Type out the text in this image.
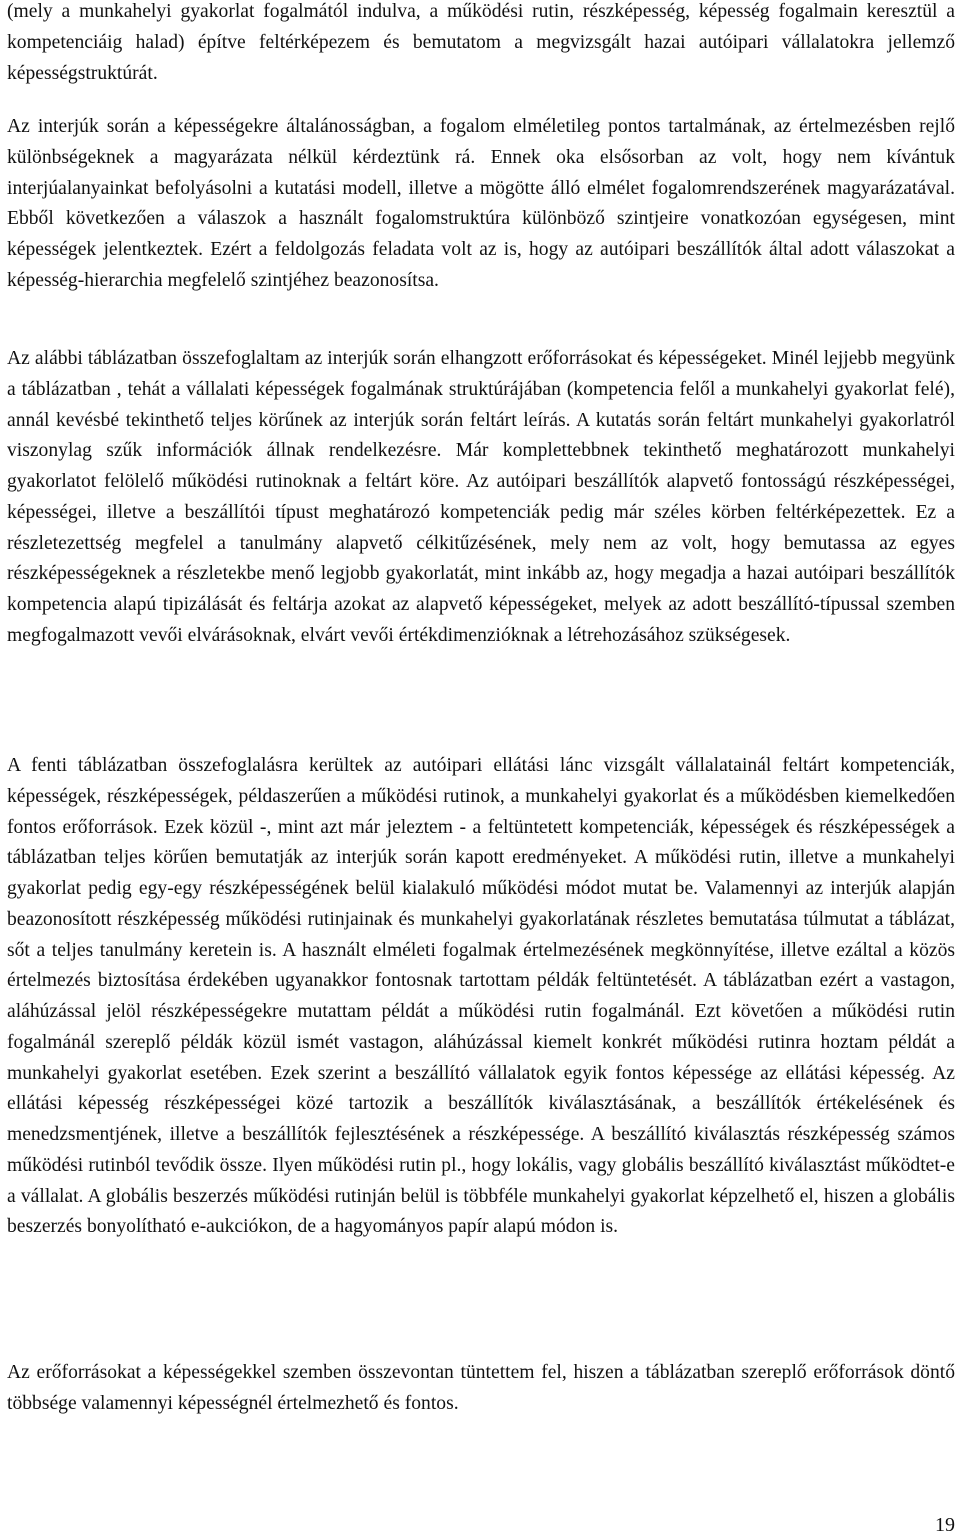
(mely a munkahelyi gyakorlat fogalmától indulva, a működési rutin, részképesség, képesség fogalmain keresztül a kompetenciáig halad) építve feltérképezem és bemutatom a megvizsgált hazai autóipari vállalatokra jellemző képességstruktúrát.

Az interjúk során a képességekre általánosságban, a fogalom elméletileg pontos tartalmának, az értelmezésben rejlő különbségeknek a magyarázata nélkül kérdeztünk rá. Ennek oka elsősorban az volt, hogy nem kívántuk interjúalanyainkat befolyásolni a kutatási modell, illetve a mögötte álló elmélet fogalomrendszerének magyarázatával. Ebből következően a válaszok a használt fogalomstruktúra különböző szintjeire vonatkozóan egységesen, mint képességek jelentkeztek. Ezért a feldolgozás feladata volt az is, hogy az autóipari beszállítók által adott válaszokat a képesség-hierarchia megfelelő szintjéhez beazonosítsa.

Az alábbi táblázatban összefoglaltam az interjúk során elhangzott erőforrásokat és képességeket. Minél lejjebb megyünk a táblázatban , tehát a vállalati képességek fogalmának struktúrájában (kompetencia felől a munkahelyi gyakorlat felé), annál kevésbé tekinthető teljes körűnek az interjúk során feltárt leírás. A kutatás során feltárt munkahelyi gyakorlatról viszonylag szűk információk állnak rendelkezésre. Már komplettebbnek tekinthető meghatározott munkahelyi gyakorlatot felölelő működési rutinoknak a feltárt köre. Az autóipari beszállítók alapvető fontosságú részképességei, képességei, illetve a beszállítói típust meghatározó kompetenciák pedig már széles körben feltérképezettek. Ez a részletezettség megfelel a tanulmány alapvető célkitűzésének, mely nem az volt, hogy bemutassa az egyes részképességeknek a részletekbe menő legjobb gyakorlatát, mint inkább az, hogy megadja a hazai autóipari beszállítók kompetencia alapú tipizálását és feltárja azokat az alapvető képességeket, melyek az adott beszállító-típussal szemben megfogalmazott vevői elvárásoknak, elvárt vevői értékdimenzióknak a létrehozásához szükségesek.

A fenti táblázatban összefoglalásra kerültek az autóipari ellátási lánc vizsgált vállalatainál feltárt kompetenciák, képességek, részképességek, példaszerűen a működési rutinok, a munkahelyi gyakorlat és a működésben kiemelkedően fontos erőforrások. Ezek közül -, mint azt már jeleztem - a feltüntetett kompetenciák, képességek és részképességek a táblázatban teljes körűen bemutatják az interjúk során kapott eredményeket. A működési rutin, illetve a munkahelyi gyakorlat pedig egy-egy részképességének belül kialakuló működési módot mutat be. Valamennyi az interjúk alapján beazonosított részképesség működési rutinjainak és munkahelyi gyakorlatának részletes bemutatása túlmutat a táblázat, sőt a teljes tanulmány keretein is. A használt elméleti fogalmak értelmezésének megkönnyítése, illetve ezáltal a közös értelmezés biztosítása érdekében ugyanakkor fontosnak tartottam példák feltüntetését. A táblázatban ezért a vastagon, aláhúzással jelöl részképességekre mutattam példát a működési rutin fogalmánál. Ezt követően a működési rutin fogalmánál szereplő példák közül ismét vastagon, aláhúzással kiemelt konkrét működési rutinra hoztam példát a munkahelyi gyakorlat esetében. Ezek szerint a beszállító vállalatok egyik fontos képessége az ellátási képesség. Az ellátási képesség részképességei közé tartozik a beszállítók kiválasztásának, a beszállítók értékelésének és menedzsmentjének, illetve a beszállítók fejlesztésének a részképessége. A beszállító kiválasztás részképesség számos működési rutinból tevődik össze. Ilyen működési rutin pl., hogy lokális, vagy globális beszállító kiválasztást működtet-e a vállalat. A globális beszerzés működési rutinján belül is többféle munkahelyi gyakorlat képzelhető el, hiszen a globális beszerzés bonyolítható e-aukciókon, de a hagyományos papír alapú módon is.

Az erőforrásokat a képességekkel szemben összevontan tüntettem fel, hiszen a táblázatban szereplő erőforrások döntő többsége valamennyi képességnél értelmezhető és fontos.

19
